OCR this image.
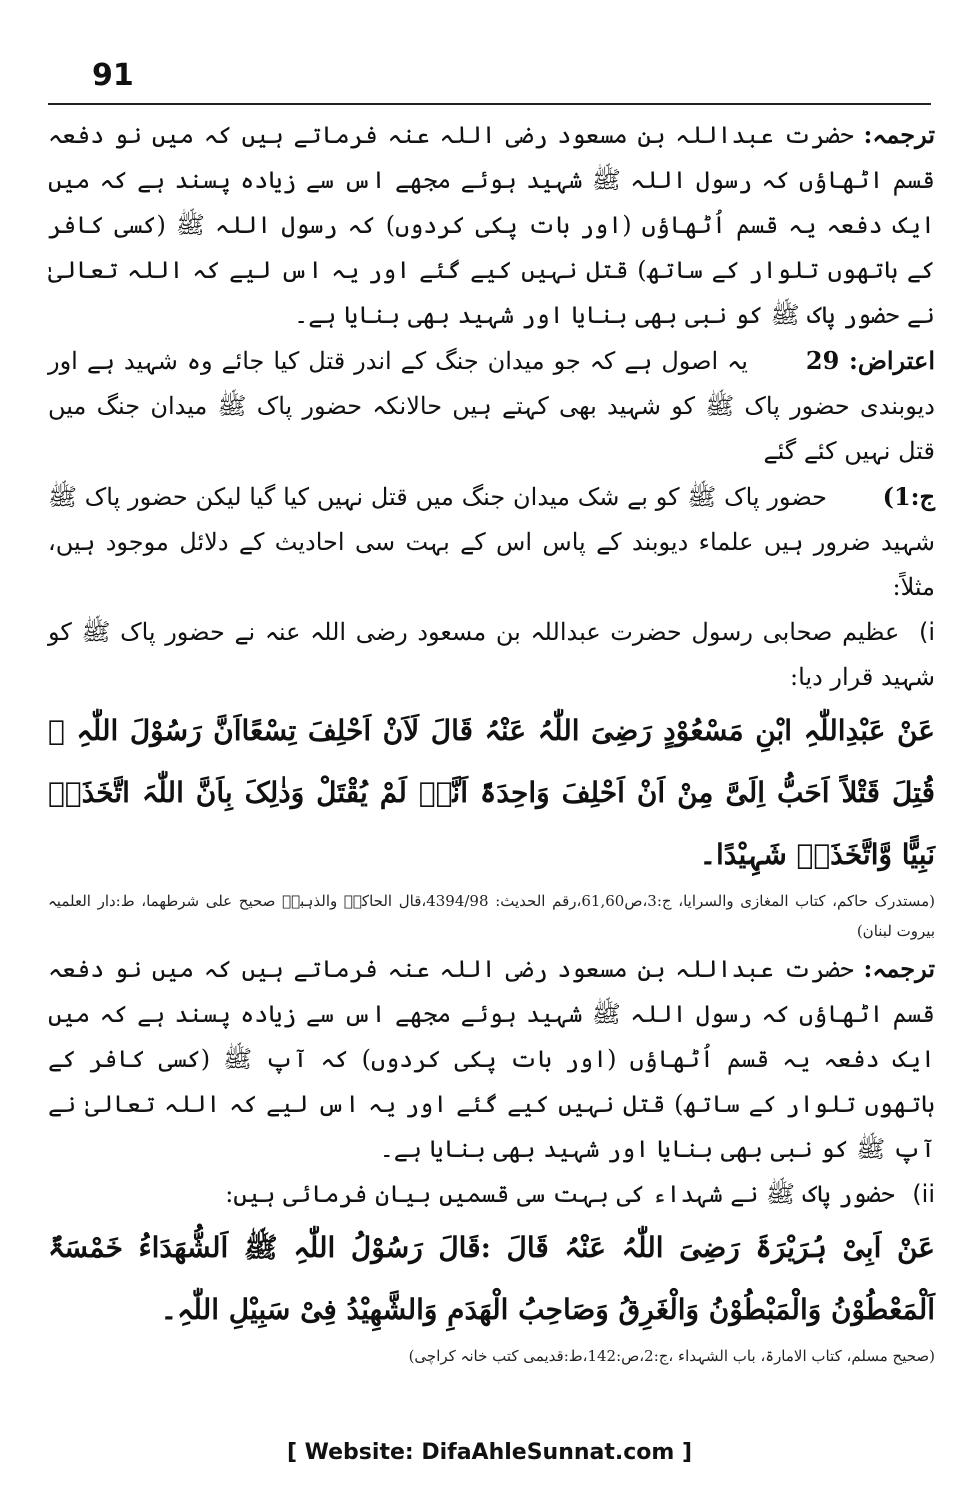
91

ترجمہ: حضرت عبداللہ بن مسعود رضی اللہ عنہ فرماتے ہیں کہ میں نو دفعہ قسم اٹھاؤں کہ رسول اللہ ﷺ شہید ہوئے مجھے اس سے زیادہ پسند ہے کہ میں ایک دفعہ یہ قسم اُٹھاؤں (اور بات پکی کردوں) کہ رسول اللہ ﷺ (کسی کافر کے ہاتھوں تلوار کے ساتھ) قتل نہیں کیے گئے اور یہ اس لیے کہ اللہ تعالیٰ نے حضور پاک ﷺ کو نبی بھی بنایا اور شہید بھی بنایا ہے۔

اعتراض: 29  یہ اصول ہے کہ جو میدان جنگ کے اندر قتل کیا جائے وہ شہید ہے اور دیوبندی حضور پاک ﷺ کو شہید بھی کہتے ہیں حالانکہ حضور پاک ﷺ میدان جنگ میں قتل نہیں کئے گئے

ج:1)  حضور پاک ﷺ کو بے شک میدان جنگ میں قتل نہیں کیا گیا لیکن حضور پاک ﷺ شہید ضرور ہیں علماء دیوبند کے پاس اس کے بہت سی احادیث کے دلائل موجود ہیں، مثلاً:

i) عظیم صحابی رسول حضرت عبداللہ بن مسعود رضی اللہ عنہ نے حضور پاک ﷺ کو شہید قرار دیا:

عَنْ عَبْدِاللّٰہِ ابْنِ مَسْعُوْدٍ رَضِیَ اللّٰہُ عَنْہُ قَالَ لَاَنْ اَحْلِفَ تِسْعًااَنَّ رَسُوْلَ اللّٰہِ ﷺ قُتِلَ قَتْلاً اَحَبُّ اِلَیَّ مِنْ اَنْ اَحْلِفَ وَاحِدَۃً اَنَّہٗ لَمْ یُقْتَلْ وَذٰلِکَ بِاَنَّ اللّٰہَ اتَّخَذَہٗ نَبِیًّا وَّاتَّخَذَہٗ شَہِیْدًا۔

(مستدرک حاکم، کتاب المغازی والسرایا، ج:3،ص61,60،رقم الحدیث: 4394/98،قال الحاکمؒ والذہبیؒ صحیح علی شرطھما، ط:دار العلمیہ بیروت لبنان)

ترجمہ: حضرت عبداللہ بن مسعود رضی اللہ عنہ فرماتے ہیں کہ میں نو دفعہ قسم اٹھاؤں کہ رسول اللہ ﷺ شہید ہوئے مجھے اس سے زیادہ پسند ہے کہ میں ایک دفعہ یہ قسم اُٹھاؤں (اور بات پکی کردوں) کہ آپ ﷺ (کسی کافر کے ہاتھوں تلوار کے ساتھ) قتل نہیں کیے گئے اور یہ اس لیے کہ اللہ تعالیٰ نے آپ ﷺ کو نبی بھی بنایا اور شہید بھی بنایا ہے۔

ii) حضور پاک ﷺ نے شہداء کی بہت سی قسمیں بیان فرمائی ہیں:

عَنْ اَبِیْ ہُرَیْرَۃَ رَضِیَ اللّٰہُ عَنْہُ قَالَ :قَالَ رَسُوْلُ اللّٰہِ ﷺ اَلشُّھَدَاءُ خَمْسَۃٌ اَلْمَعْطُوْنُ وَالْمَبْطُوْنُ وَالْغَرِقُ وَصَاحِبُ الْھَدَمِ وَالشَّھِیْدُ فِیْ سَبِیْلِ اللّٰہِ۔

(صحیح مسلم، کتاب الامارۃ، باب الشہداء ،ج:2،ص:142،ط:قدیمی کتب خانہ کراچی)

[ Website: DifaAhleSunnat.com ]
